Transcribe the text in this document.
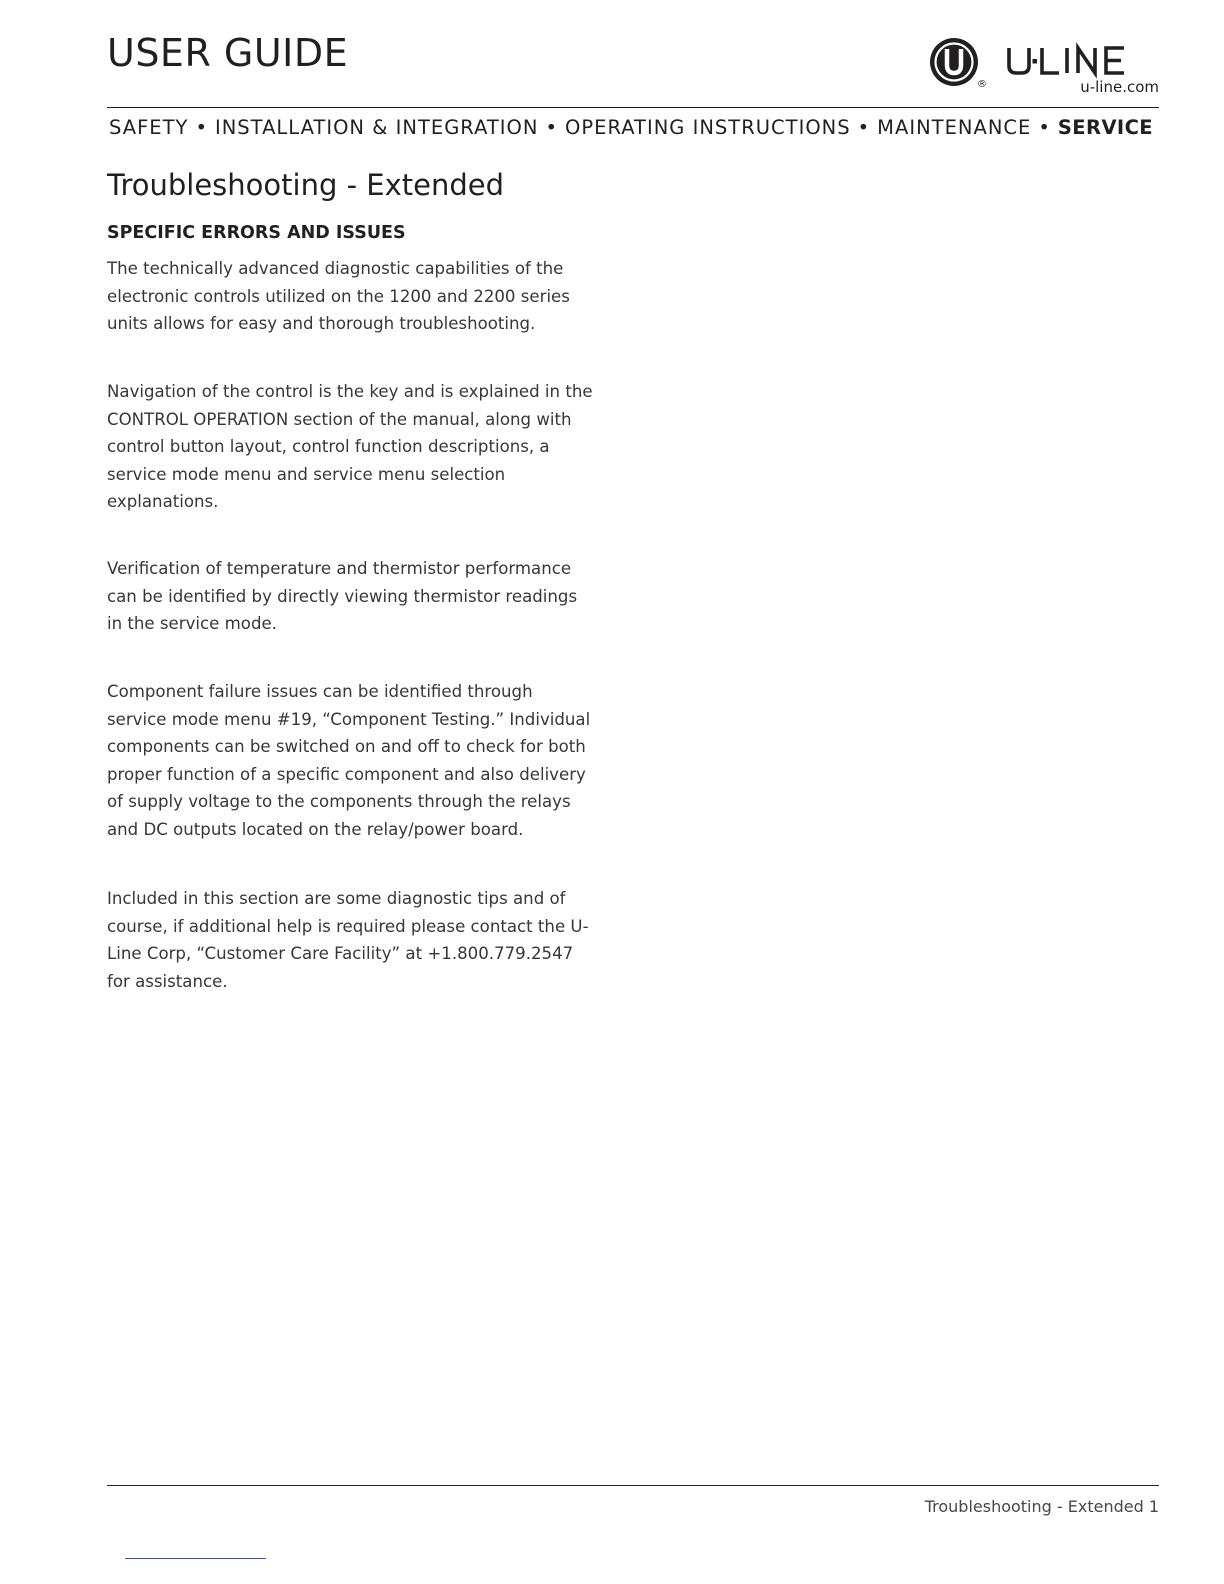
USER GUIDE
®	u-line.com
SAFETY • INSTALLATION & INTEGRATION • OPERATING INSTRUCTIONS • MAINTENANCE • SERVICE
Troubleshooting - Extended
SPECIFIC ERRORS AND ISSUES

The technically advanced diagnostic capabilities of the electronic controls utilized on the 1200 and 2200 series units allows for easy and thorough troubleshooting.

Navigation of the control is the key and is explained in the CONTROL OPERATION section of the manual, along with control button layout, control function descriptions, a service mode menu and service menu selection explanations.

Verification of temperature and thermistor performance can be identified by directly viewing thermistor readings in the service mode.

Component failure issues can be identified through service mode menu #19, “Component Testing.” Individual components can be switched on and off to check for both proper function of a specific component and also delivery of supply voltage to the components through the relays and DC outputs located on the relay/power board.

Included in this section are some diagnostic tips and of course, if additional help is required please contact the U-Line Corp, “Customer Care Facility” at +1.800.779.2547 for assistance.

Troubleshooting - Extended 1
